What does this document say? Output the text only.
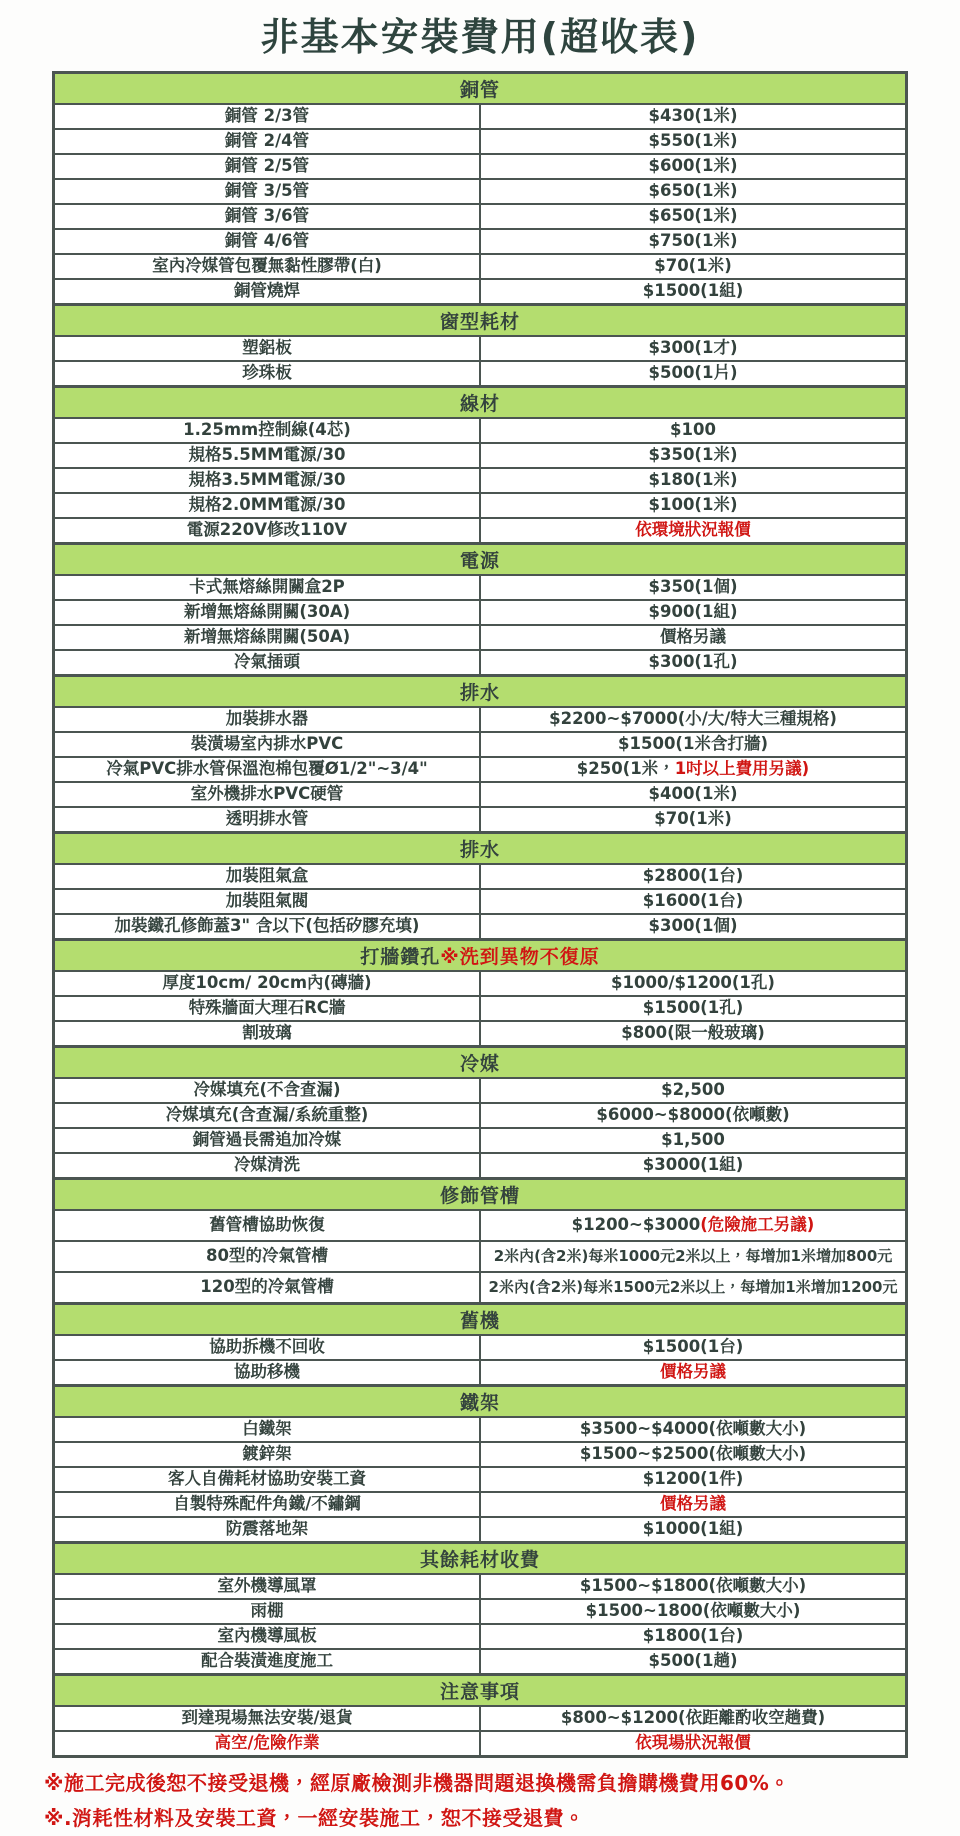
非基本安裝費用(超收表)
銅管
銅管 2/3管	$430(1米)
銅管 2/4管	$550(1米)
銅管 2/5管	$600(1米)
銅管 3/5管	$650(1米)
銅管 3/6管	$650(1米)
銅管 4/6管	$750(1米)
室內冷媒管包覆無黏性膠帶(白)	$70(1米)
銅管燒焊	$1500(1組)
窗型耗材
塑鋁板	$300(1才)
珍珠板	$500(1片)
線材
1.25mm控制線(4芯)	$100
規格5.5MM電源/30	$350(1米)
規格3.5MM電源/30	$180(1米)
規格2.0MM電源/30	$100(1米)
電源220V修改110V	依環境狀況報價
電源
卡式無熔絲開關盒2P	$350(1個)
新增無熔絲開關(30A)	$900(1組)
新增無熔絲開關(50A)	價格另議
冷氣插頭	$300(1孔)
排水
加裝排水器	$2200~$7000(小/大/特大三種規格)
裝潢場室內排水PVC	$1500(1米含打牆)
冷氣PVC排水管保溫泡棉包覆Ø1/2"~3/4"	$250(1米， 1吋以上費用另議)
室外機排水PVC硬管	$400(1米)
透明排水管	$70(1米)
排水
加裝阻氣盒	$2800(1台)
加裝阻氣閥	$1600(1台)
加裝鐵孔修飾蓋3" 含以下(包括矽膠充填)	$300(1個)
打牆鑽孔 ※洗到異物不復原
厚度10cm/ 20cm內(磚牆)	$1000/$1200(1孔)
特殊牆面大理石RC牆	$1500(1孔)
割玻璃	$800(限一般玻璃)
冷媒
冷媒填充(不含查漏)	$2,500
冷媒填充(含查漏/系統重整)	$6000~$8000(依噸數)
銅管過長需追加冷媒	$1,500
冷媒清洗	$3000(1組)
修飾管槽
舊管槽協助恢復	$1200~$3000 (危險施工另議)
80型的冷氣管槽	2米內(含2米)每米1000元2米以上，每增加1米增加800元
120型的冷氣管槽	2米內(含2米)每米1500元2米以上，每增加1米增加1200元
舊機
協助拆機不回收	$1500(1台)
協助移機	價格另議
鐵架
白鐵架	$3500~$4000(依噸數大小)
鍍鋅架	$1500~$2500(依噸數大小)
客人自備耗材協助安裝工資	$1200(1件)
自製特殊配件角鐵/不鏽鋼	價格另議
防震落地架	$1000(1組)
其餘耗材收費
室外機導風罩	$1500~$1800(依噸數大小)
雨棚	$1500~1800(依噸數大小)
室內機導風板	$1800(1台)
配合裝潢進度施工	$500(1趟)
注意事項
到達現場無法安裝/退貨	$800~$1200(依距離酌收空趟費)
高空/危險作業	依現場狀況報價
※施工完成後恕不接受退機，經原廠檢測非機器問題退換機需負擔購機費用60%。
※.消耗性材料及安裝工資，一經安裝施工，恕不接受退費。
